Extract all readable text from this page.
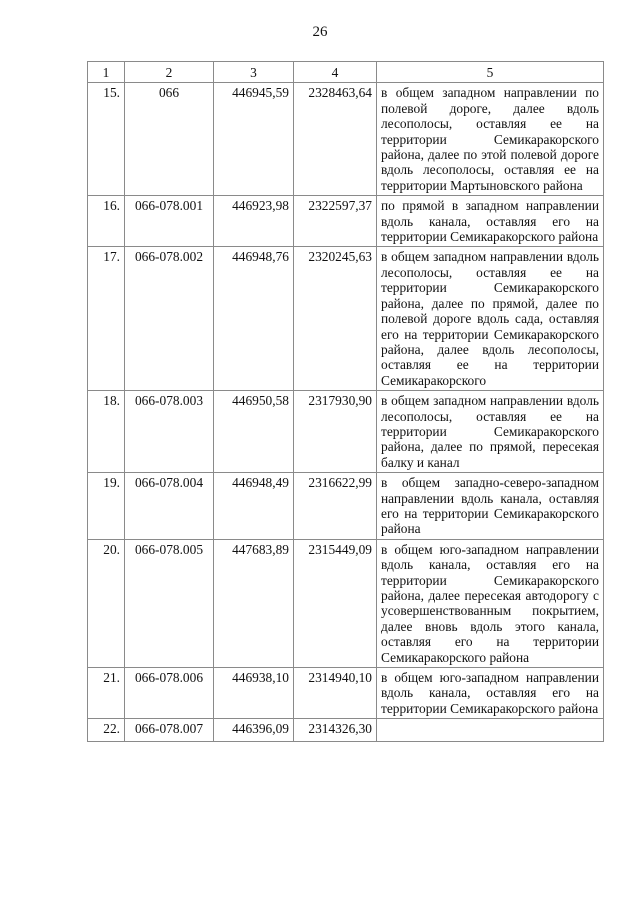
26
1	2	3	4	5
15.	066	446945,59	2328463,64	в общем западном направлении по полевой дороге, далее вдоль лесополосы, оставляя ее на территории Семикаракорского района, далее по этой полевой дороге вдоль лесополосы, оставляя ее на территории Мартыновского района
16.	066-078.001	446923,98	2322597,37	по прямой в западном направлении вдоль канала, оставляя его на территории Семикаракорского района
17.	066-078.002	446948,76	2320245,63	в общем западном направлении вдоль лесополосы, оставляя ее на территории Семикаракорского района, далее по прямой, далее по полевой дороге вдоль сада, оставляя его на территории Семикаракорского района, далее вдоль лесополосы, оставляя ее на территории Семикаракорского
18.	066-078.003	446950,58	2317930,90	в общем западном направлении вдоль лесополосы, оставляя ее на территории Семикаракорского района, далее по прямой, пересекая балку и канал
19.	066-078.004	446948,49	2316622,99	в общем западно-северо-западном направлении вдоль канала, оставляя его на территории Семикаракорского района
20.	066-078.005	447683,89	2315449,09	в общем юго-западном направлении вдоль канала, оставляя его на территории Семикаракорского района, далее пересекая автодорогу с усовершенствованным покрытием, далее вновь вдоль этого канала, оставляя его на территории Семикаракорского района
21.	066-078.006	446938,10	2314940,10	в общем юго-западном направлении вдоль канала, оставляя его на территории Семикаракорского района
22.	066-078.007	446396,09	2314326,30	
